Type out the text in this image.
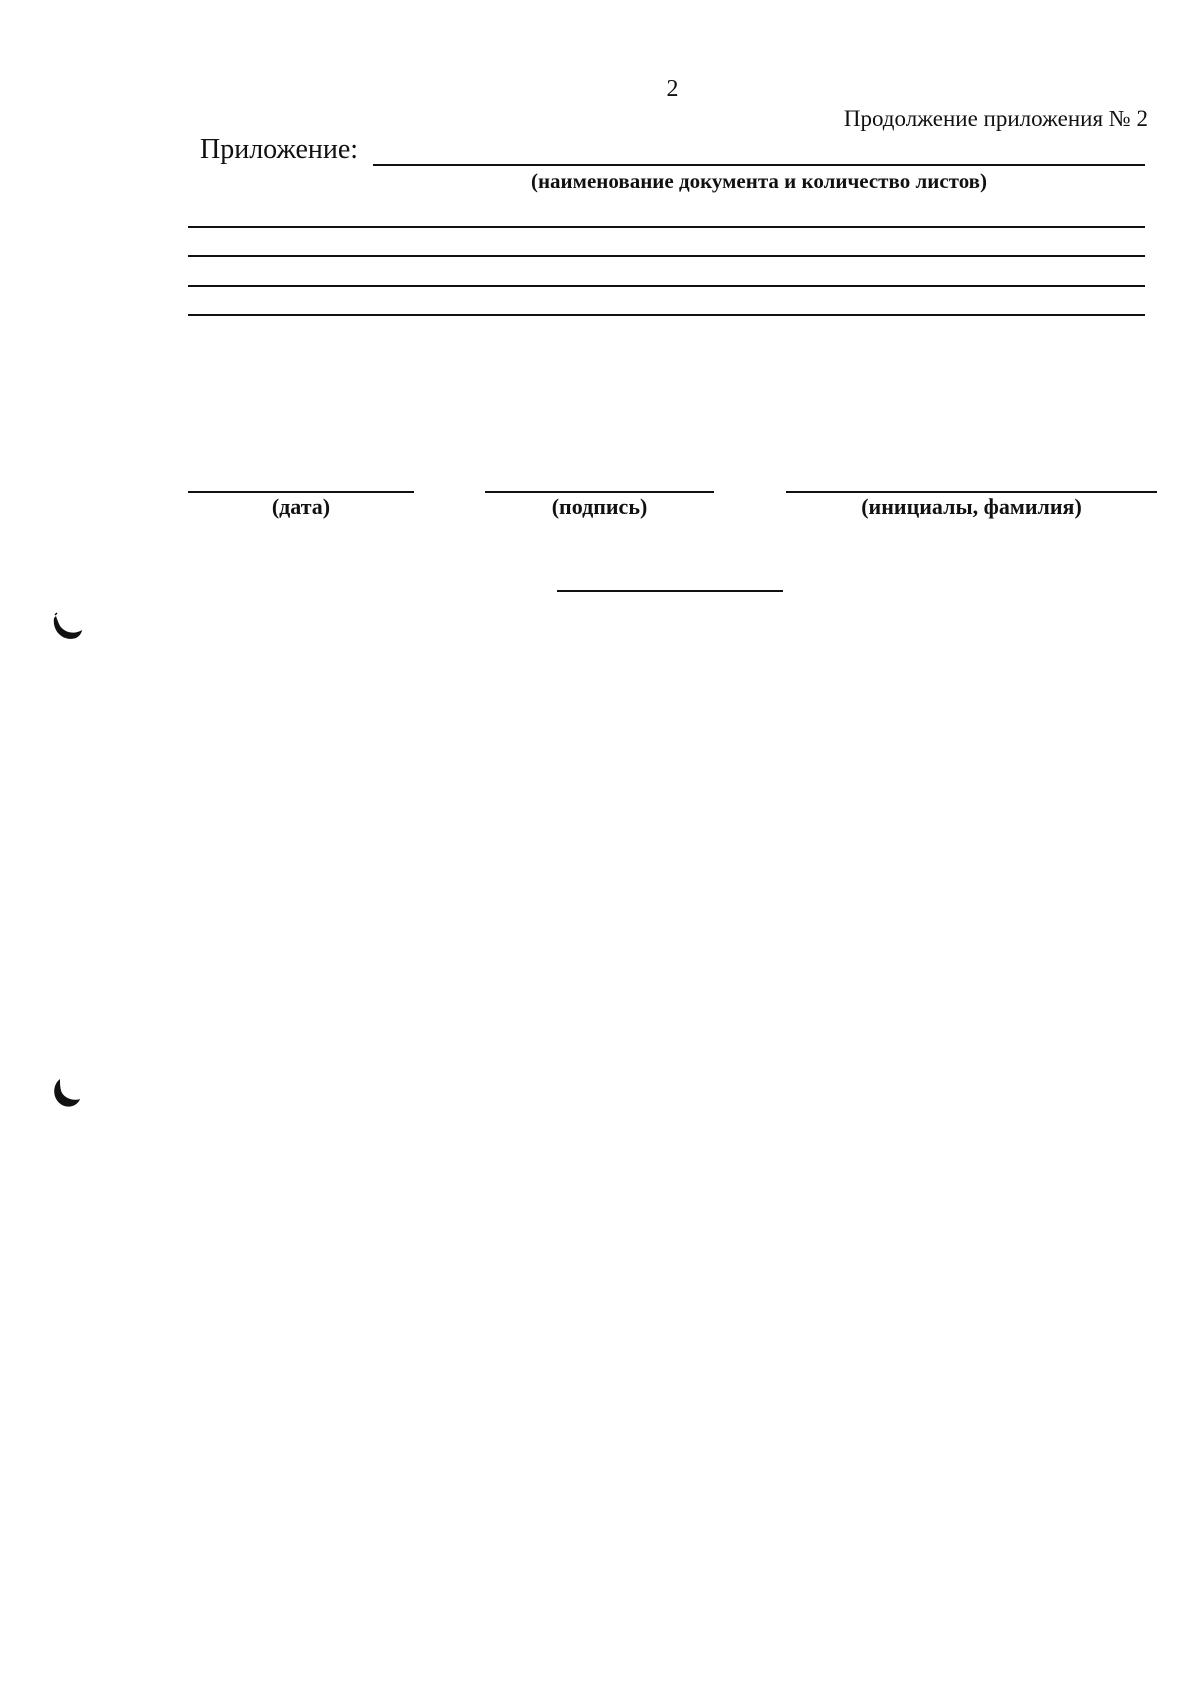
2
Продолжение приложения № 2
Приложение:
(наименование документа и количество листов)
(дата)	(подпись)	(инициалы, фамилия)
